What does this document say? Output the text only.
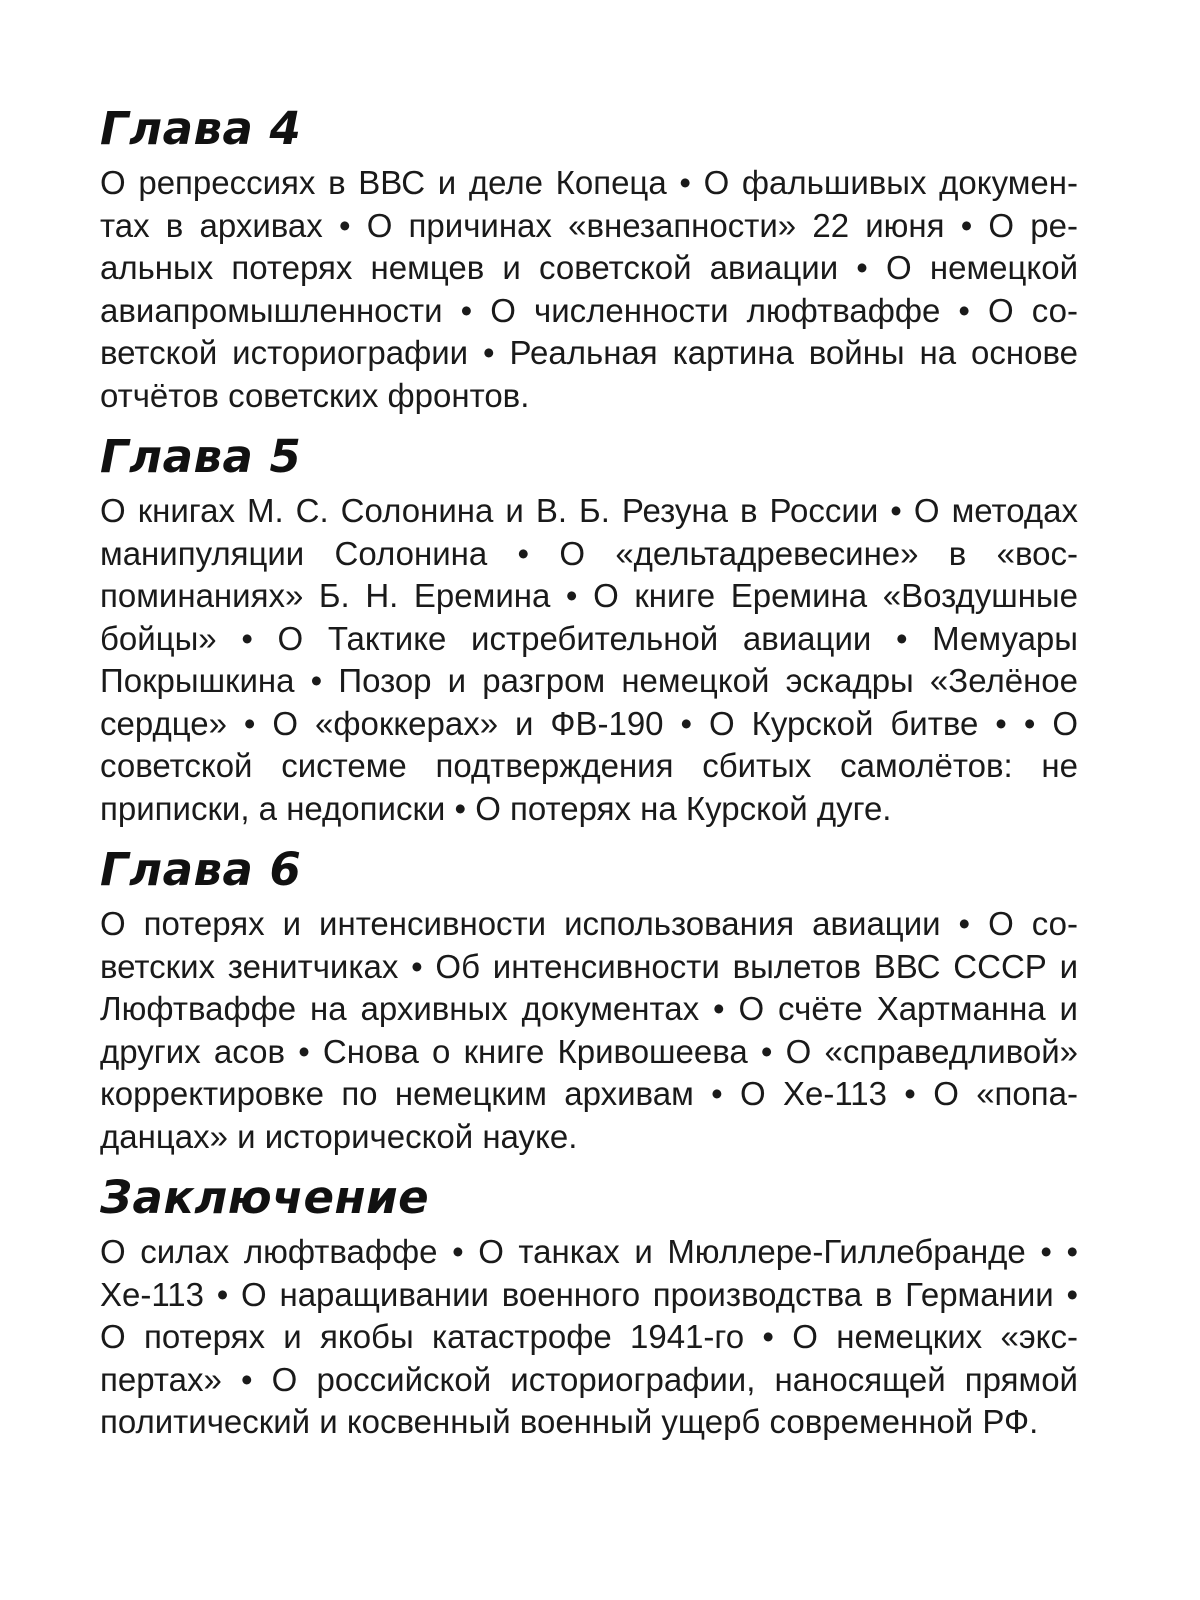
Глава 4

О репрессиях в ВВС и деле Копеца • О фальшивых документах в архивах • О причинах «внезапности» 22 июня • О реальных потерях немцев и советской авиации • О немецкой авиапромышленности • О численности люфтваффе • О советской историографии • Реальная картина войны на основе отчётов советских фронтов.

Глава 5

О книгах М. С. Солонина и В. Б. Резуна в России • О методах манипуляции Солонина • О «дельтадревесине» в «воспоминаниях» Б. Н. Еремина • О книге Еремина «Воздушные бойцы» • О Тактике истребительной авиации • Мемуары Покрышкина • Позор и разгром немецкой эскадры «Зелёное сердце» • О «фоккерах» и ФВ-190 • О Курской битве • • О советской системе подтверждения сбитых самолётов: не приписки, а недописки • О потерях на Курской дуге.

Глава 6

О потерях и интенсивности использования авиации • О советских зенитчиках • Об интенсивности вылетов ВВС СССР и Люфтваффе на архивных документах • О счёте Хартманна и других асов • Снова о книге Кривошеева • О «справедливой» корректировке по немецким архивам • О Хе-113 • О «попаданцах» и исторической науке.

Заключение

О силах люфтваффе • О танках и Мюллере-Гиллебранде • • Хе-113 • О наращивании военного производства в Германии • О потерях и якобы катастрофе 1941-го • О немецких «экспертах» • О российской историографии, наносящей прямой политический и косвенный военный ущерб современной РФ.
